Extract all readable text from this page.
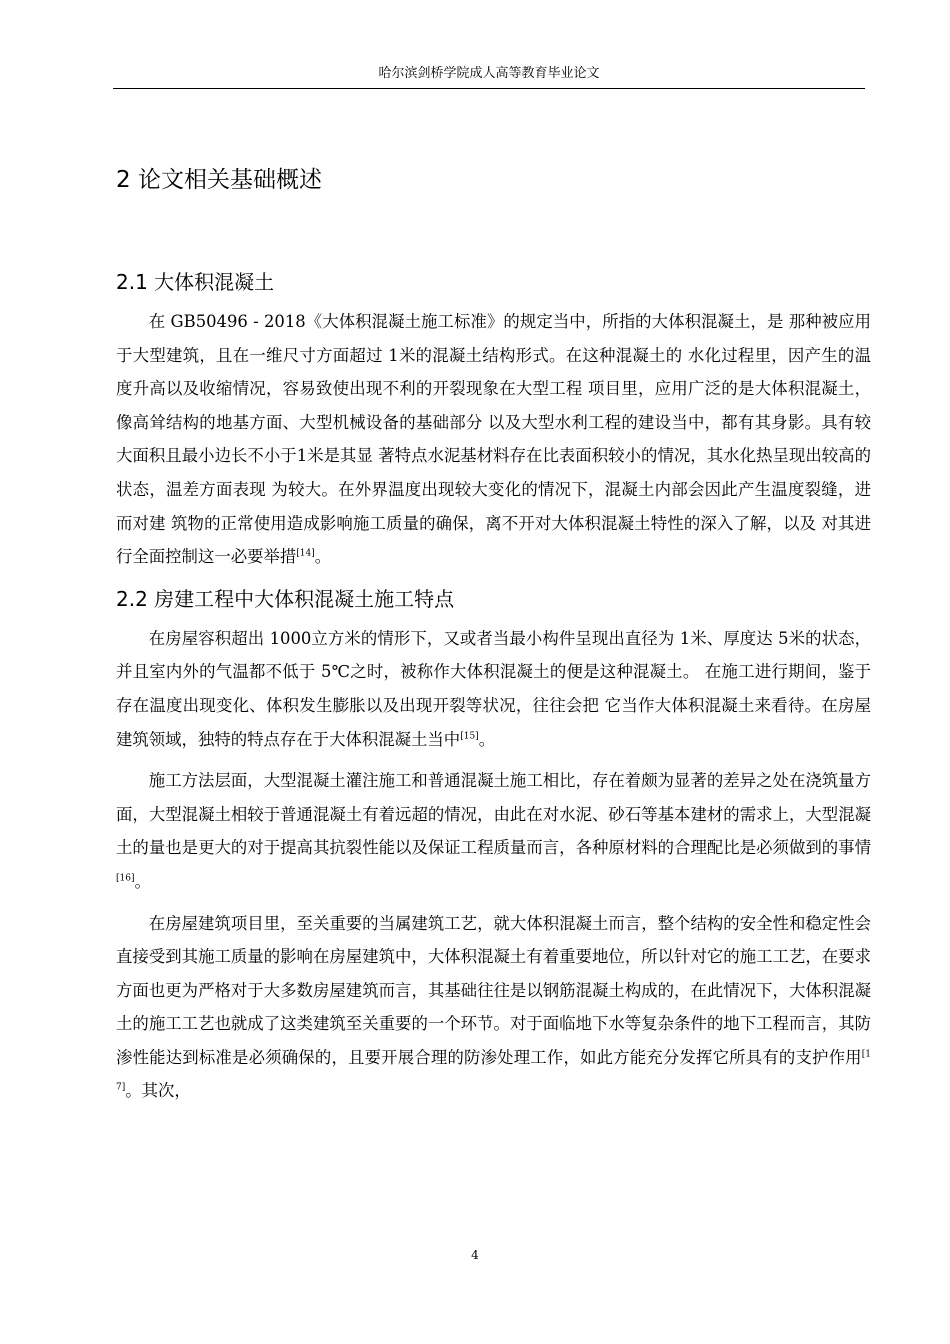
哈尔滨剑桥学院成人高等教育毕业论文
2 论文相关基础概述
2.1 大体积混凝土

在 GB50496 - 2018《大体积混凝土施工标准》的规定当中，所指的大体积混凝土，是 那种被应用于大型建筑，且在一维尺寸方面超过 1米的混凝土结构形式。在这种混凝土的 水化过程里，因产生的温度升高以及收缩情况，容易致使出现不利的开裂现象在大型工程 项目里，应用广泛的是大体积混凝土，像高耸结构的地基方面、大型机械设备的基础部分 以及大型水利工程的建设当中，都有其身影。具有较大面积且最小边长不小于1米是其显 著特点水泥基材料存在比表面积较小的情况，其水化热呈现出较高的状态，温差方面表现 为较大。在外界温度出现较大变化的情况下，混凝土内部会因此产生温度裂缝，进而对建 筑物的正常使用造成影响施工质量的确保，离不开对大体积混凝土特性的深入了解，以及 对其进行全面控制这一必要举措[14]。

2.2 房建工程中大体积混凝土施工特点

在房屋容积超出 1000立方米的情形下，又或者当最小构件呈现出直径为 1米、厚度达 5米的状态，并且室内外的气温都不低于 5℃之时，被称作大体积混凝土的便是这种混凝土。 在施工进行期间，鉴于存在温度出现变化、体积发生膨胀以及出现开裂等状况，往往会把 它当作大体积混凝土来看待。在房屋建筑领域，独特的特点存在于大体积混凝土当中[15]。

施工方法层面，大型混凝土灌注施工和普通混凝土施工相比，存在着颇为显著的差异之处在浇筑量方面，大型混凝土相较于普通混凝土有着远超的情况，由此在对水泥、砂石等基本建材的需求上，大型混凝土的量也是更大的对于提高其抗裂性能以及保证工程质量而言，各种原材料的合理配比是必须做到的事情[16]。

在房屋建筑项目里，至关重要的当属建筑工艺，就大体积混凝土而言，整个结构的安全性和稳定性会直接受到其施工质量的影响在房屋建筑中，大体积混凝土有着重要地位，所以针对它的施工工艺，在要求方面也更为严格对于大多数房屋建筑而言，其基础往往是以钢筋混凝土构成的，在此情况下，大体积混凝土的施工工艺也就成了这类建筑至关重要的一个环节。对于面临地下水等复杂条件的地下工程而言，其防渗性能达到标准是必须确保的，且要开展合理的防渗处理工作，如此方能充分发挥它所具有的支护作用[17]。其次，

4
